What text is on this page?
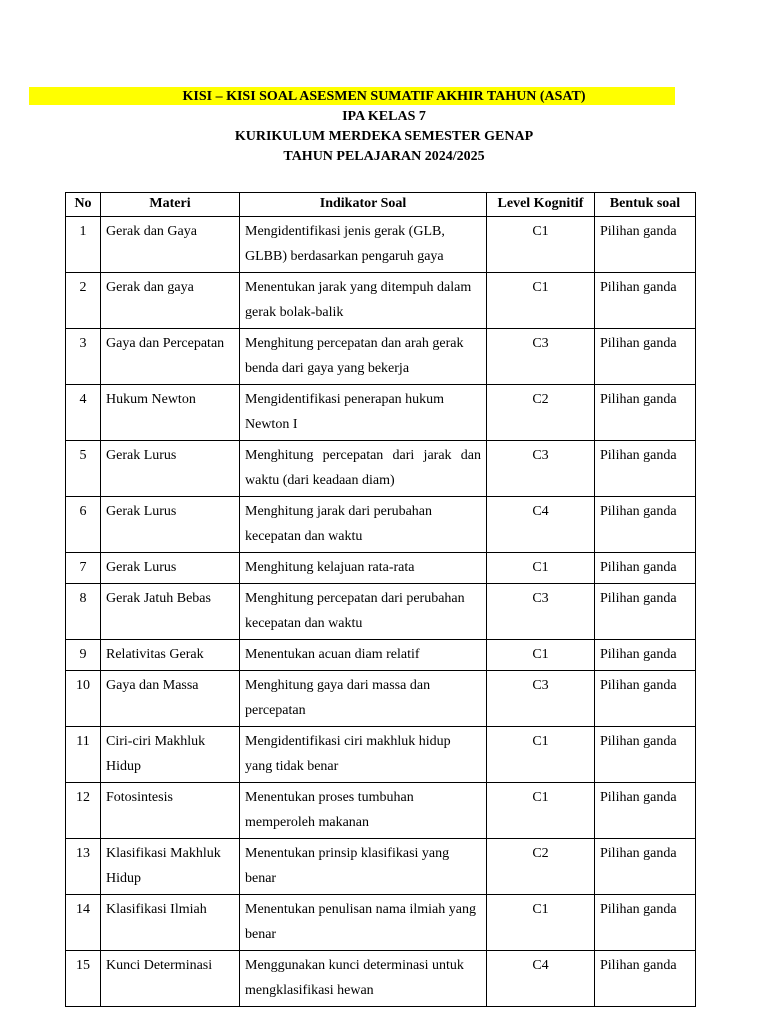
KISI – KISI SOAL ASESMEN SUMATIF AKHIR TAHUN (ASAT)
IPA KELAS 7
KURIKULUM MERDEKA SEMESTER GENAP
TAHUN PELAJARAN 2024/2025
No	Materi	Indikator Soal	Level Kognitif	Bentuk soal
1	Gerak dan Gaya	Mengidentifikasi jenis gerak (GLB, GLBB) berdasarkan pengaruh gaya	C1	Pilihan ganda
2	Gerak dan gaya	Menentukan jarak yang ditempuh dalam gerak bolak-balik	C1	Pilihan ganda
3	Gaya dan Percepatan	Menghitung percepatan dan arah gerak benda dari gaya yang bekerja	C3	Pilihan ganda
4	Hukum Newton	Mengidentifikasi penerapan hukum Newton I	C2	Pilihan ganda
5	Gerak Lurus	Menghitung percepatan dari jarak dan waktu (dari keadaan diam)	C3	Pilihan ganda
6	Gerak Lurus	Menghitung jarak dari perubahan kecepatan dan waktu	C4	Pilihan ganda
7	Gerak Lurus	Menghitung kelajuan rata-rata	C1	Pilihan ganda
8	Gerak Jatuh Bebas	Menghitung percepatan dari perubahan kecepatan dan waktu	C3	Pilihan ganda
9	Relativitas Gerak	Menentukan acuan diam relatif	C1	Pilihan ganda
10	Gaya dan Massa	Menghitung gaya dari massa dan percepatan	C3	Pilihan ganda
11	Ciri-ciri Makhluk Hidup	Mengidentifikasi ciri makhluk hidup yang tidak benar	C1	Pilihan ganda
12	Fotosintesis	Menentukan proses tumbuhan memperoleh makanan	C1	Pilihan ganda
13	Klasifikasi Makhluk Hidup	Menentukan prinsip klasifikasi yang benar	C2	Pilihan ganda
14	Klasifikasi Ilmiah	Menentukan penulisan nama ilmiah yang benar	C1	Pilihan ganda
15	Kunci Determinasi	Menggunakan kunci determinasi untuk mengklasifikasi hewan	C4	Pilihan ganda
